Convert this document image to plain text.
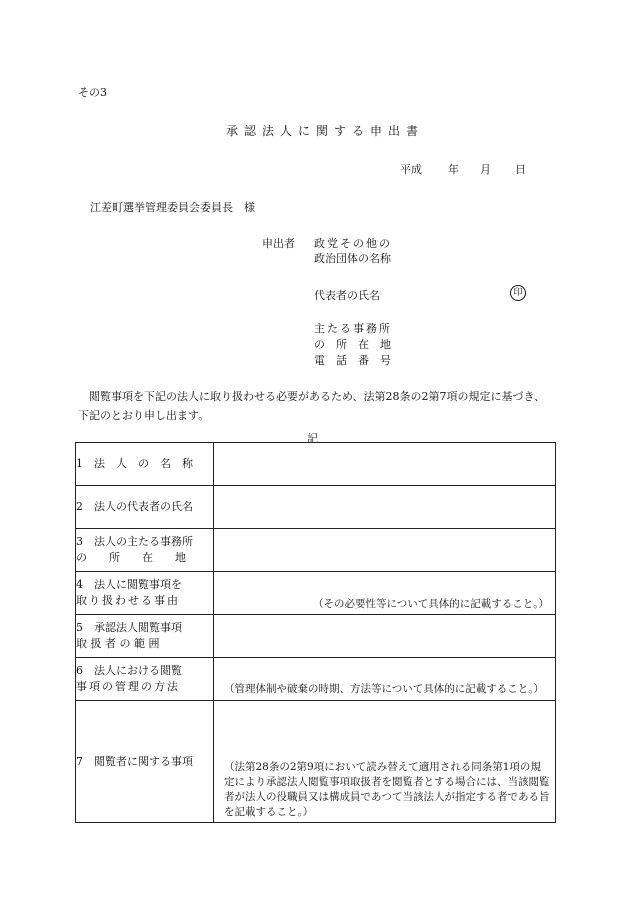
その3
承認法人に関する申出書
平成 年 月 日
江差町選挙管理委員会委員長　様
申出者 政党その他の
政治団体の名称
代表者の氏名	印
主たる事務所
の　所　在　地
電　話　番　号
閲覧事項を下記の法人に取り扱わせる必要があるため、法第28条の2第7項の規定に基づき、下記のとおり申し出ます。
記
1　法　人　の　名　称	

2　法人の代表者の氏名	

3　法人の主たる事務所
の　　所　　在　　地	

4　法人に閲覧事項を
取り扱わせる事由	（その必要性等について具体的に記載すること。）

5　承認法人閲覧事項
取 扱 者 の 範 囲	

6　法人における閲覧
事項の管理の方法	（管理体制や破棄の時期、方法等について具体的に記載すること。）

7　閲覧者に関する事項	（法第28条の2第9項において読み替えて適用される同条第1項の規定により承認法人閲覧事項取扱者を閲覧者とする場合には、当該閲覧者が法人の役職員又は構成員であつて当該法人が指定する者である旨を記載すること。）
